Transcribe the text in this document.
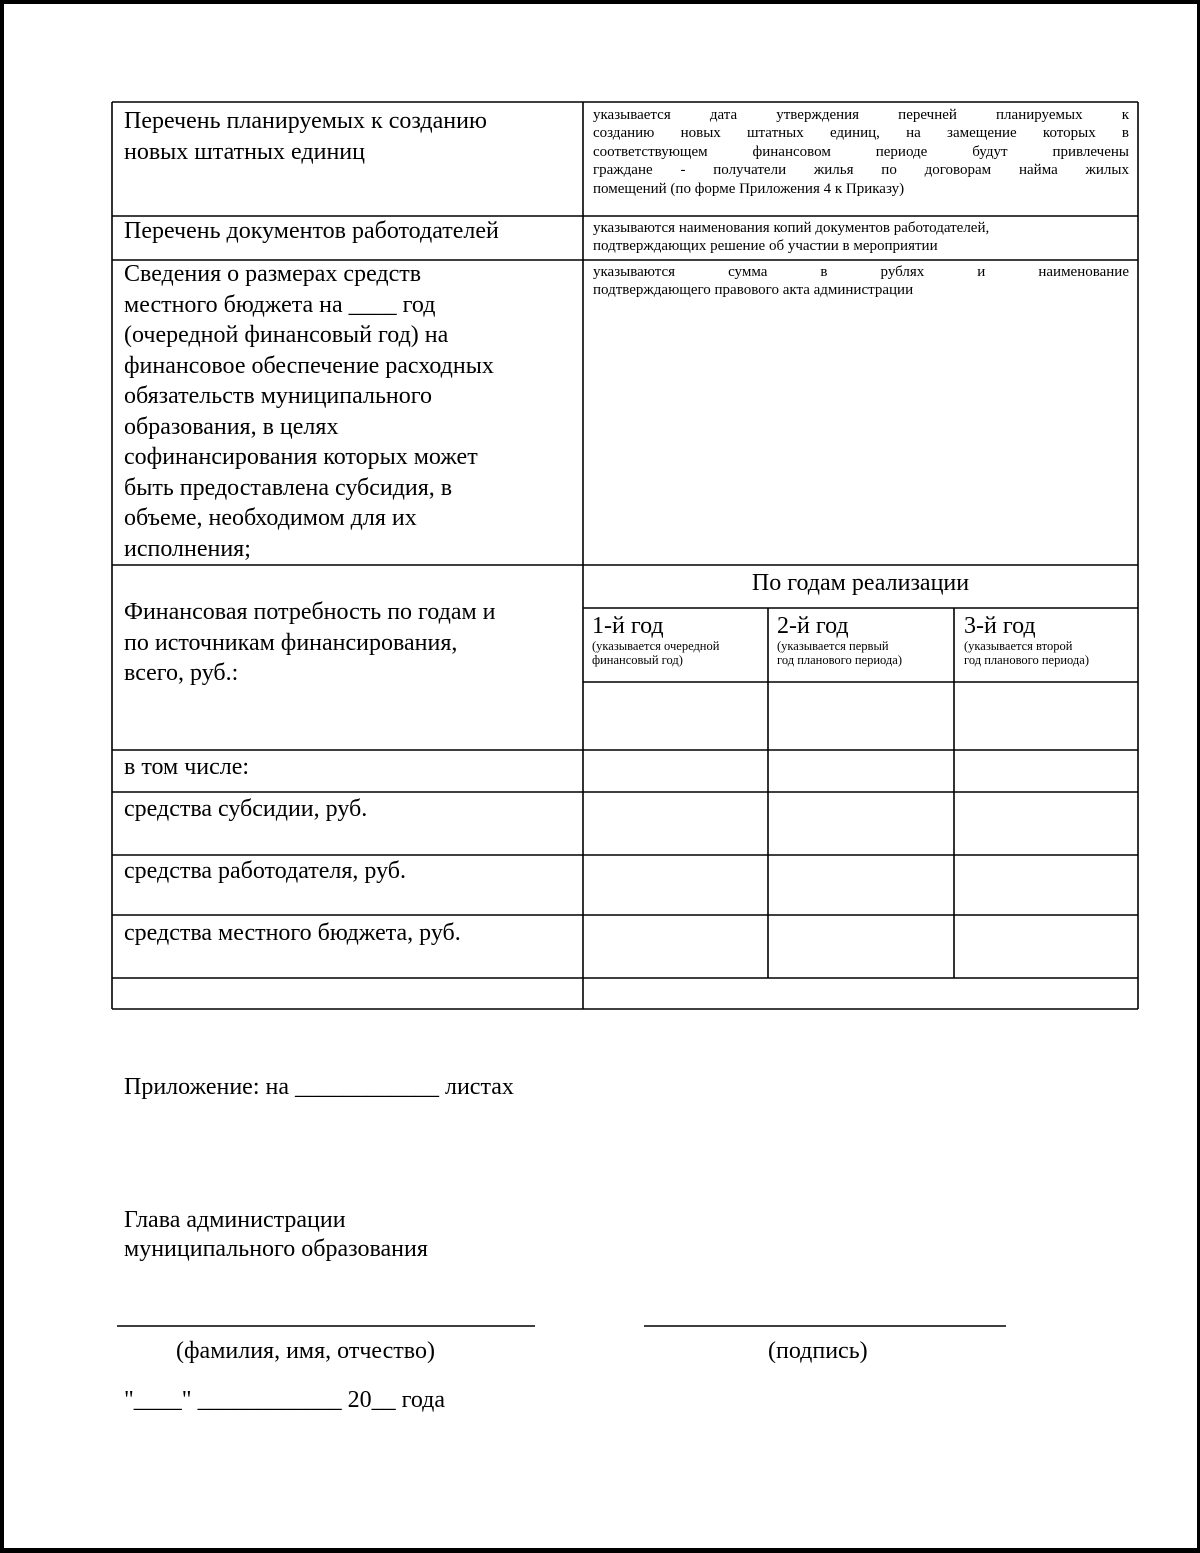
Перечень планируемых к созданию
новых штатных единиц
указывается дата утверждения перечней планируемых к
созданию новых штатных единиц, на замещение которых в
соответствующем финансовом периоде будут привлечены
граждане - получатели жилья по договорам найма жилых
помещений (по форме Приложения 4 к Приказу)
Перечень документов работодателей	указываются наименования копий документов работодателей,
подтверждающих решение об участии в мероприятии
Сведения о размерах средств
местного бюджета на ____ год
(очередной финансовый год) на
финансовое обеспечение расходных
обязательств муниципального
образования, в целях
софинансирования которых может
быть предоставлена субсидия, в
объеме, необходимом для их
исполнения;
указываются сумма в рублях и наименование
подтверждающего правового акта администрации
Финансовая потребность по годам и
по источникам финансирования,
всего, руб.:
По годам реализации
1-й год
(указывается очередной
финансовый год)
2-й год
(указывается первый
год планового периода)
3-й год
(указывается второй
год планового периода)
в том числе:
средства субсидии, руб.
средства работодателя, руб.
средства местного бюджета, руб.
Приложение: на ____________ листах
Глава администрации
муниципального образования
(фамилия, имя, отчество)	(подпись)
"____" ____________ 20__ года
